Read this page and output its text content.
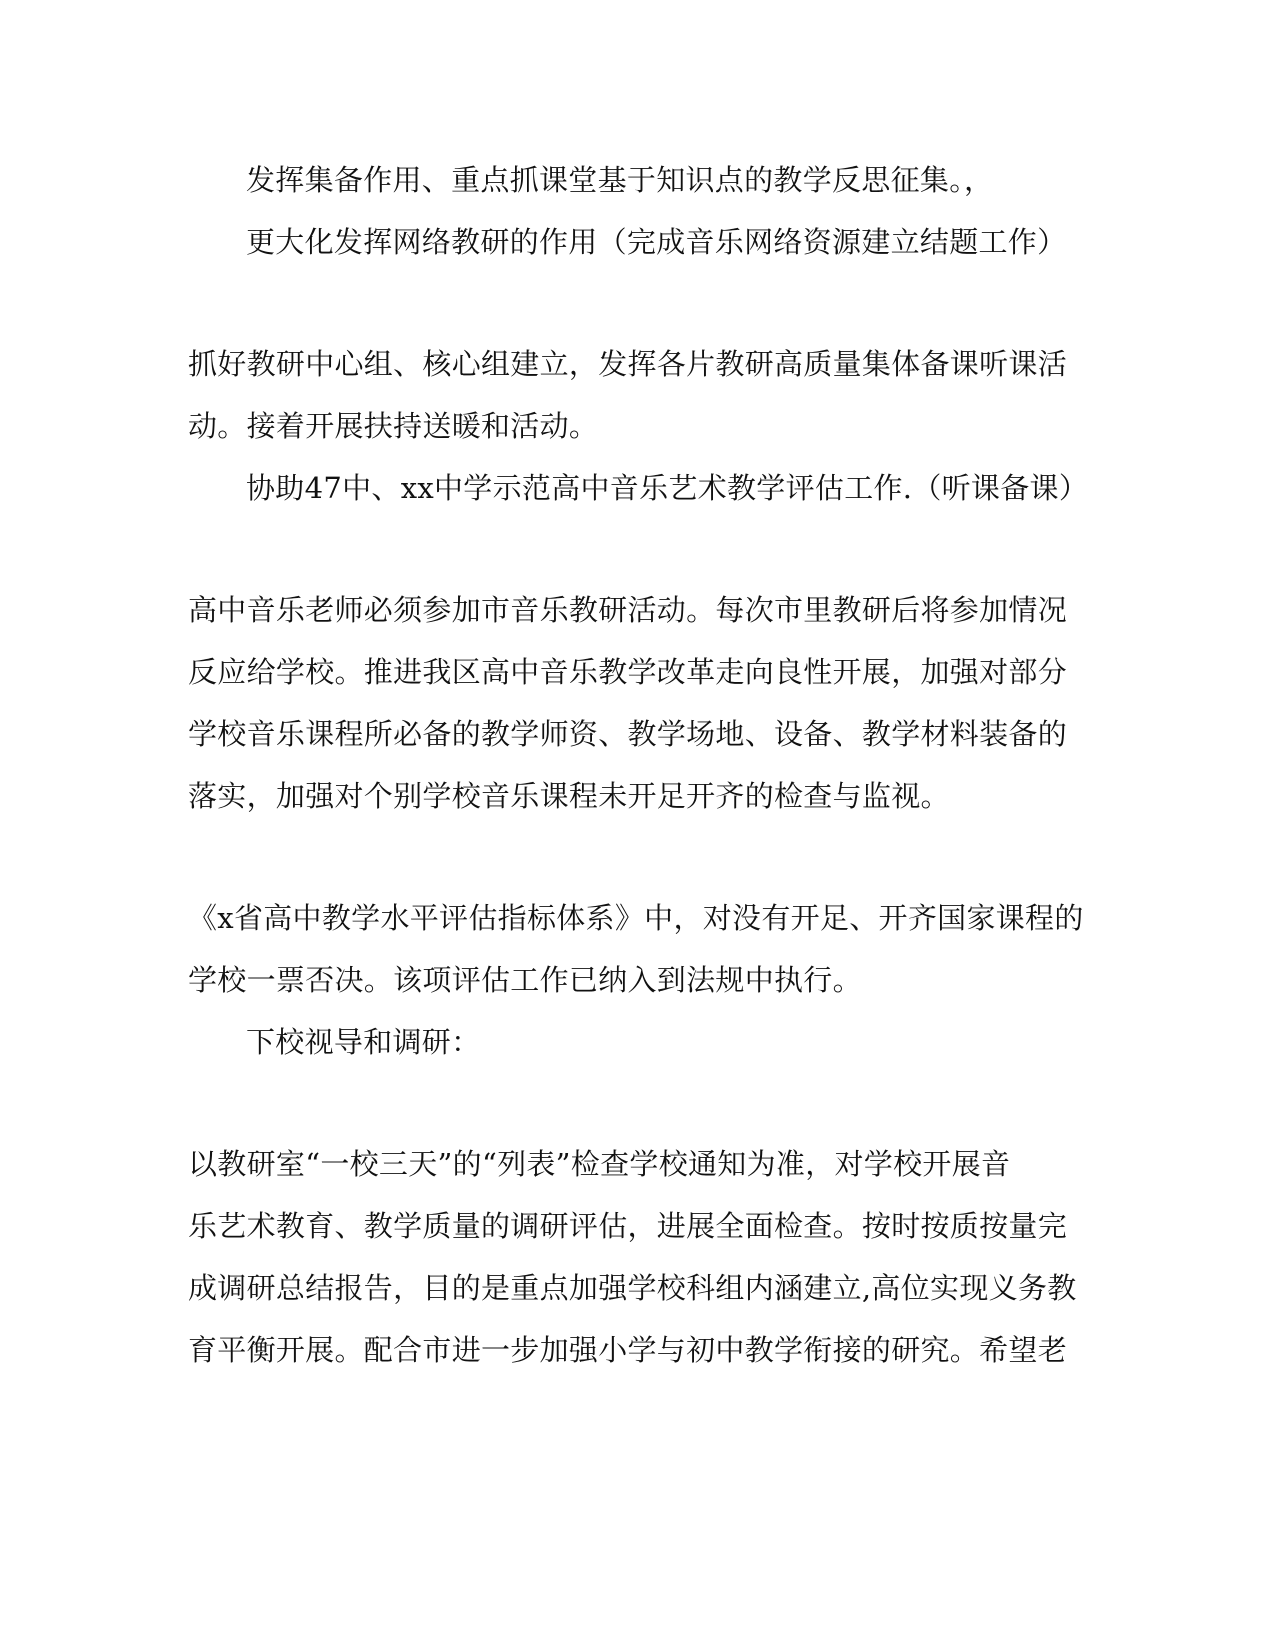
发挥集备作用、重点抓课堂基于知识点的教学反思征集。，
更大化发挥网络教研的作用（完成音乐网络资源建立结题工作）
抓好教研中心组、核心组建立，发挥各片教研高质量集体备课听课活
动。接着开展扶持送暖和活动。
协助47中、xx中学示范高中音乐艺术教学评估工作.（听课备课）
高中音乐老师必须参加市音乐教研活动。每次市里教研后将参加情况
反应给学校。推进我区高中音乐教学改革走向良性开展，加强对部分
学校音乐课程所必备的教学师资、教学场地、设备、教学材料装备的
落实，加强对个别学校音乐课程未开足开齐的检查与监视。
《x省高中教学水平评估指标体系》中，对没有开足、开齐国家课程的
学校一票否决。该项评估工作已纳入到法规中执行。
下校视导和调研：
以教研室“一校三天”的“列表”检查学校通知为准，对学校开展音
乐艺术教育、教学质量的调研评估，进展全面检查。按时按质按量完
成调研总结报告，目的是重点加强学校科组内涵建立,高位实现义务教
育平衡开展。配合市进一步加强小学与初中教学衔接的研究。希望老
